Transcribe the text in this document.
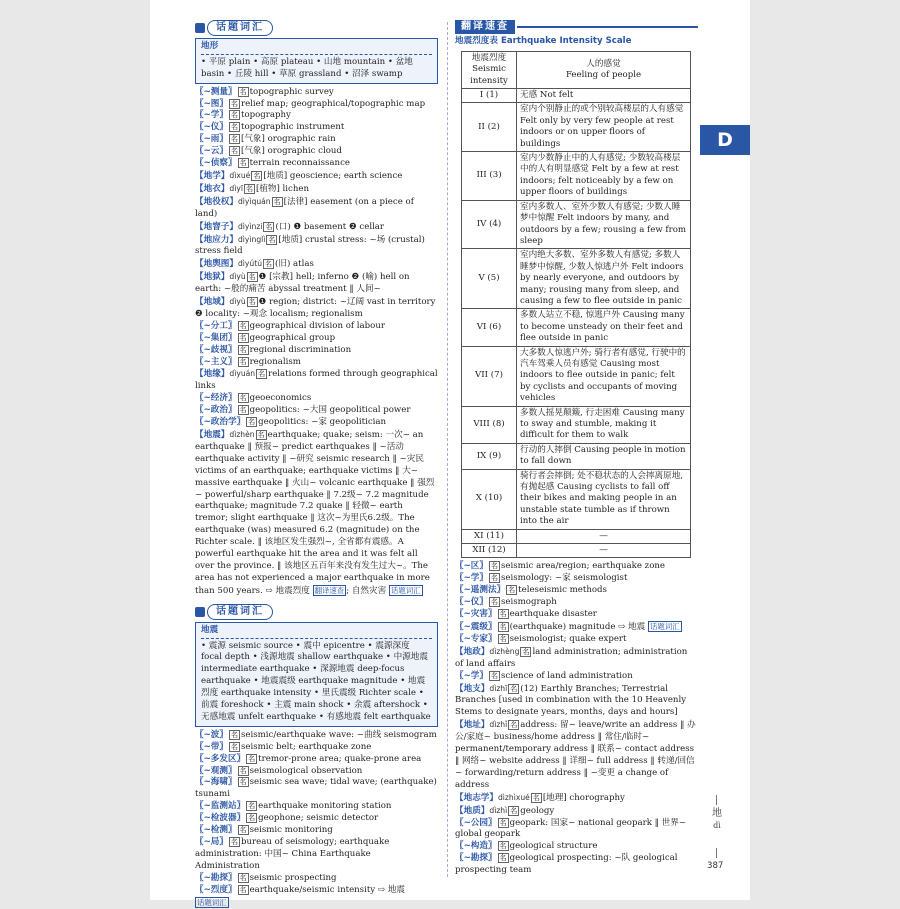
话题词汇
地形
• 平原 plain • 高原 plateau • 山地 mountain • 盆地 basin • 丘陵 hill • 草原 grassland • 沼泽 swamp
〖~测量〗 名 topographic survey
〖~图〗 名 relief map; geographical/topographic map
〖~学〗 名 topography
〖~仪〗 名 topographic instrument
〖~雨〗 名 [气象] orographic rain
〖~云〗 名 [气象] orographic cloud
〖~侦察〗 名 terrain reconnaissance
【地学】dìxué 名 [地质] geoscience; earth science
【地衣】dìyī 名 [植物] lichen
【地役权】dìyìquán 名 [法律] easement (on a piece of land)
【地窨子】dìyìnzi 名 (口) ❶ basement ❷ cellar
【地应力】dìyìnglì 名 [地质] crustal stress: ~场 (crustal) stress field
【地舆图】dìyútú 名 (旧) atlas
【地狱】dìyù 名 ❶ [宗教] hell; inferno ❷ (喻) hell on earth: ~般的痛苦 abyssal treatment ‖ 人间~
【地域】dìyù 名 ❶ region; district: ~辽阔 vast in territory ❷ locality: ~观念 localism; regionalism
〖~分工〗 名 geographical division of labour
〖~集团〗 名 geographical group
〖~歧视〗 名 regional discrimination
〖~主义〗 名 regionalism
【地缘】dìyuán 名 relations formed through geographical links
〖~经济〗 名 geoeconomics
〖~政治〗 名 geopolitics: ~大国 geopolitical power
〖~政治学〗 名 geopolitics: ~家 geopolitician
【地震】dìzhèn 名 earthquake; quake; seism: 一次~ an earthquake ‖ 预报~ predict earthquakes ‖ ~活动 earthquake activity ‖ ~研究 seismic research ‖ ~灾民 victims of an earthquake; earthquake victims ‖ 大~ massive earthquake ‖ 火山~ volcanic earthquake ‖ 强烈~ powerful/sharp earthquake ‖ 7.2级~ 7.2 magnitude earthquake; magnitude 7.2 quake ‖ 轻微~ earth tremor; slight earthquake ‖ 这次~为里氏6.2级。The earthquake (was) measured 6.2 (magnitude) on the Richter scale. ‖ 该地区发生强烈~, 全省都有震感。A powerful earthquake hit the area and it was felt all over the province. ‖ 该地区五百年来没有发生过大~。The area has not experienced a major earthquake in more than 500 years. ⇨ 地震烈度 翻译速查 ; 自然灾害 话题词汇
话题词汇
地震
• 震源 seismic source • 震中 epicentre • 震源深度 focal depth • 浅源地震 shallow earthquake • 中源地震 intermediate earthquake • 深源地震 deep-focus earthquake • 地震震级 earthquake magnitude • 地震烈度 earthquake intensity • 里氏震级 Richter scale • 前震 foreshock • 主震 main shock • 余震 aftershock • 无感地震 unfelt earthquake • 有感地震 felt earthquake
〖~波〗 名 seismic/earthquake wave: ~曲线 seismogram
〖~带〗 名 seismic belt; earthquake zone
〖~多发区〗 名 tremor-prone area; quake-prone area
〖~观测〗 名 seismological observation
〖~海啸〗 名 seismic sea wave; tidal wave; (earthquake) tsunami
〖~监测站〗 名 earthquake monitoring station
〖~检波器〗 名 geophone; seismic detector
〖~检测〗 名 seismic monitoring
〖~局〗 名 bureau of seismology; earthquake administration: 中国~ China Earthquake Administration
〖~勘探〗 名 seismic prospecting
〖~烈度〗 名 earthquake/seismic intensity ⇨ 地震 话题词汇
翻译速查
地震烈度表 Earthquake Intensity Scale
地震烈度 Seismic intensity	人的感觉
Feeling of people

I (1)	无感 Not felt
II (2)	室内个别静止的或个别较高楼层的人有感觉 Felt only by very few people at rest indoors or on upper floors of buildings
III (3)	室内少数静止中的人有感觉; 少数较高楼层中的人有明显感觉 Felt by a few at rest indoors; felt noticeably by a few on upper floors of buildings
IV (4)	室内多数人、室外少数人有感觉; 少数人睡梦中惊醒 Felt indoors by many, and outdoors by a few; rousing a few from sleep
V (5)	室内绝大多数、室外多数人有感觉; 多数人睡梦中惊醒, 少数人惊逃户外 Felt indoors by nearly everyone, and outdoors by many; rousing many from sleep, and causing a few to flee outside in panic
VI (6)	多数人站立不稳, 惊逃户外 Causing many to become unsteady on their feet and flee outside in panic
VII (7)	大多数人惊逃户外; 骑行者有感觉, 行驶中的汽车驾乘人员有感觉 Causing most indoors to flee outside in panic; felt by cyclists and occupants of moving vehicles
VIII (8)	多数人摇晃颠簸, 行走困难 Causing many to sway and stumble, making it difficult for them to walk
IX (9)	行动的人摔倒 Causing people in motion to fall down
X (10)	骑行者会摔倒; 处不稳状态的人会摔离原地, 有抛起感 Causing cyclists to fall off their bikes and making people in an unstable state tumble as if thrown into the air
XI (11)	—
XII (12)	—
〖~区〗 名 seismic area/region; earthquake zone
〖~学〗 名 seismology: ~家 seismologist
〖~遥测法〗 名 teleseismic methods
〖~仪〗 名 seismograph
〖~灾害〗 名 earthquake disaster
〖~震级〗 名 (earthquake) magnitude ⇨ 地震 话题词汇
〖~专家〗 名 seismologist; quake expert
【地政】dìzhèng 名 land administration; administration of land affairs
〖~学〗 名 science of land administration
【地支】dìzhī 名 (12) Earthly Branches; Terrestrial Branches [used in combination with the 10 Heavenly Stems to designate years, months, days and hours]
【地址】dìzhǐ 名 address: 留~ leave/write an address ‖ 办公/家庭~ business/home address ‖ 常住/临时~ permanent/temporary address ‖ 联系~ contact address ‖ 网络~ website address ‖ 详细~ full address ‖ 转递/回信~ forwarding/return address ‖ ~变更 a change of address
【地志学】dìzhìxué 名 [地理] chorography
【地质】dìzhì 名 geology
〖~公园〗 名 geopark: 国家~ national geopark ‖ 世界~ global geopark
〖~构造〗 名 geological structure
〖~勘探〗 名 geological prospecting: ~队 geological prospecting team
D
地
dì
387
